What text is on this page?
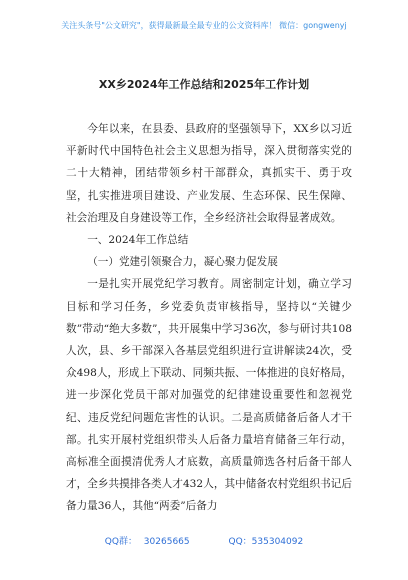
关注头条号"公文研究"，获得最新最全最专业的公文资料库！ 微信：gongwenyj
XX乡2024年工作总结和2025年工作计划

今年以来，在县委、县政府的坚强领导下，XX乡以习近平新时代中国特色社会主义思想为指导，深入贯彻落实党的二十大精神，团结带领乡村干部群众，真抓实干、勇于攻坚，扎实推进项目建设、产业发展、生态环保、民生保障、社会治理及自身建设等工作，全乡经济社会取得显著成效。

一、2024年工作总结

（一）党建引领聚合力，凝心聚力促发展

一是扎实开展党纪学习教育。周密制定计划，确立学习目标和学习任务，乡党委负责审核指导，坚持以“关键少数”带动“绝大多数”，共开展集中学习36次，参与研讨共108人次，县、乡干部深入各基层党组织进行宣讲解读24次，受众498人，形成上下联动、同频共振、一体推进的良好格局，进一步深化党员干部对加强党的纪律建设重要性和忽视党纪、违反党纪问题危害性的认识。二是高质储备后备人才干部。扎实开展村党组织带头人后备力量培育储备三年行动，高标准全面摸清优秀人才底数，高质量筛选各村后备干部人才，全乡共摸排各类人才432人，其中储备农村党组织书记后备力量36人，其他“两委”后备力

QQ群： 30265665	QQ：535304092
